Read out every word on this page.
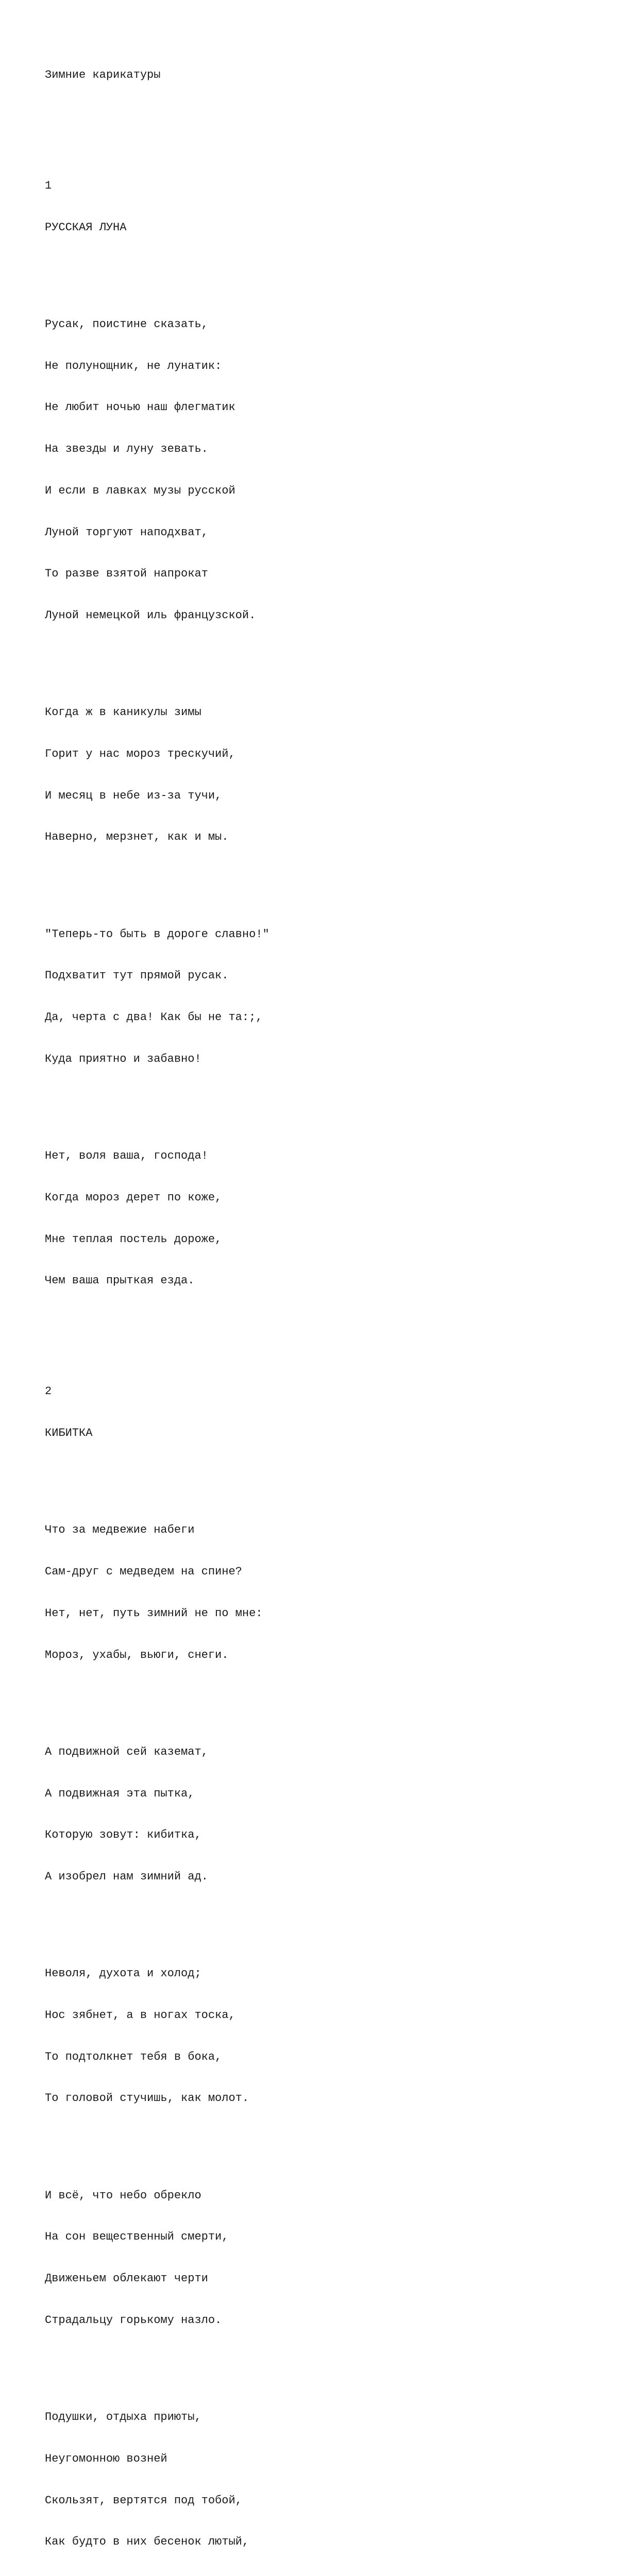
Зимние карикатуры

1

РУССКАЯ ЛУНА

Русак, поистине сказать,

Не полунощник, не лунатик:

Не любит ночью наш флегматик

На звезды и луну зевать.

И если в лавках музы русской

Луной торгуют наподхват,

То разве взятой напрокат

Луной немецкой иль французской.

Когда ж в каникулы зимы

Горит у нас мороз трескучий,

И месяц в небе из-за тучи,

Наверно, мерзнет, как и мы.

"Теперь-то быть в дороге славно!"

Подхватит тут прямой русак.

Да, черта с два! Как бы не та:;,

Куда приятно и забавно!

Нет, воля ваша, господа!

Когда мороз дерет по коже,

Мне теплая постель дороже,

Чем ваша прыткая езда.

2

КИБИТКА

Что за медвежие набеги

Сам-друг с медведем на спине?

Нет, нет, путь зимний не по мне:

Мороз, ухабы, вьюги, снеги.

А подвижной сей каземат,

А подвижная эта пытка,

Которую зовут: кибитка,

А изобрел нам зимний ад.

Неволя, духота и холод;

Нос зябнет, а в ногах тоска,

То подтолкнет тебя в бока,

То головой стучишь, как молот.

И всё, что небо обрекло

На сон вещественный смерти,

Движеньем облекают черти

Страдальцу горькому назло.

Подушки, отдыха приюты,

Неугомонною возней

Скользят, вертятся под тобой,

Как будто в них бесенок лютый,
